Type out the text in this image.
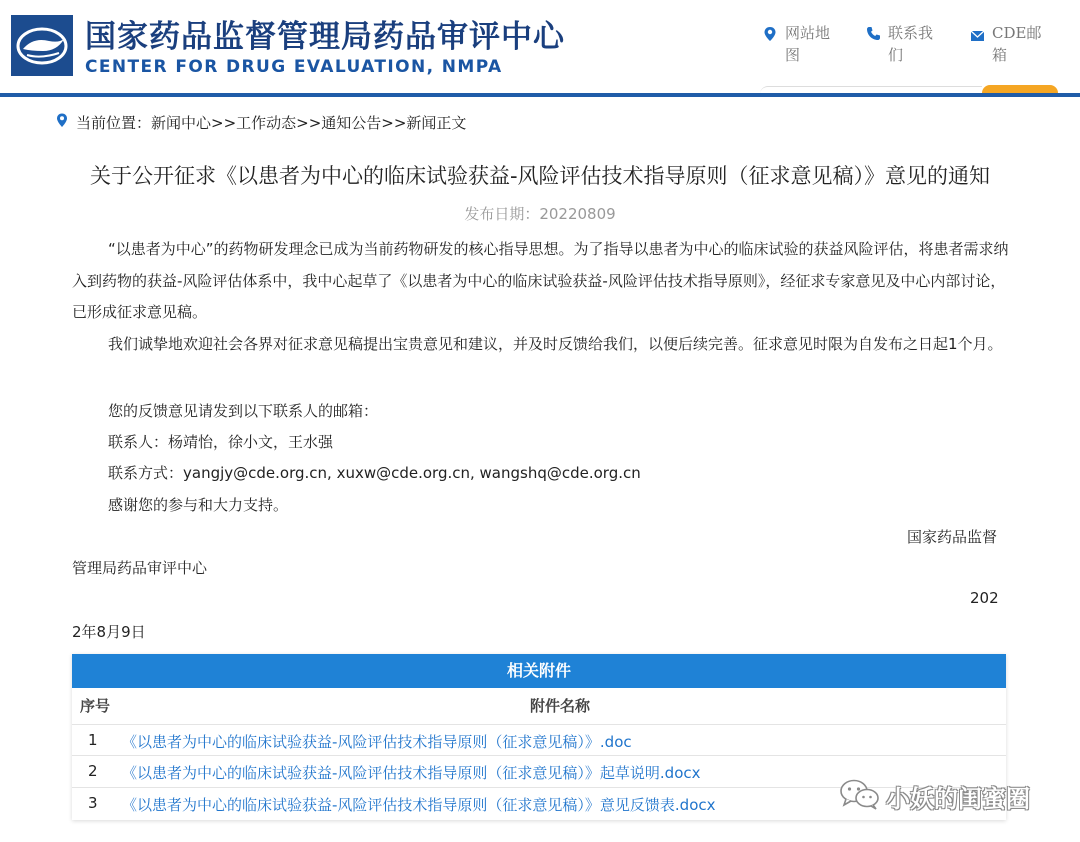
国家药品监督管理局药品审评中心
CENTER FOR DRUG EVALUATION, NMPA
网站地图
联系我们
CDE邮箱
当前位置：新闻中心>>工作动态>>通知公告>>新闻正文
关于公开征求《以患者为中心的临床试验获益-风险评估技术指导原则（征求意见稿）》意见的通知
发布日期：20220809
“以患者为中心”的药物研发理念已成为当前药物研发的核心指导思想。为了指导以患者为中心的临床试验的获益风险评估，将患者需求纳入到药物的获益-风险评估体系中，我中心起草了《以患者为中心的临床试验获益-风险评估技术指导原则》，经征求专家意见及中心内部讨论，已形成征求意见稿。
我们诚挚地欢迎社会各界对征求意见稿提出宝贵意见和建议，并及时反馈给我们，以便后续完善。征求意见时限为自发布之日起1个月。
您的反馈意见请发到以下联系人的邮箱：
联系人：杨靖怡，徐小文，王水强
联系方式：yangjy@cde.org.cn, xuxw@cde.org.cn, wangshq@cde.org.cn
感谢您的参与和大力支持。
国家药品监督
管理局药品审评中心
202
2年8月9日
相关附件
序号	附件名称
1 《以患者为中心的临床试验获益-风险评估技术指导原则（征求意见稿）》.doc
2 《以患者为中心的临床试验获益-风险评估技术指导原则（征求意见稿）》起草说明.docx
3 《以患者为中心的临床试验获益-风险评估技术指导原则（征求意见稿）》意见反馈表.docx	小妖的闺蜜圈
